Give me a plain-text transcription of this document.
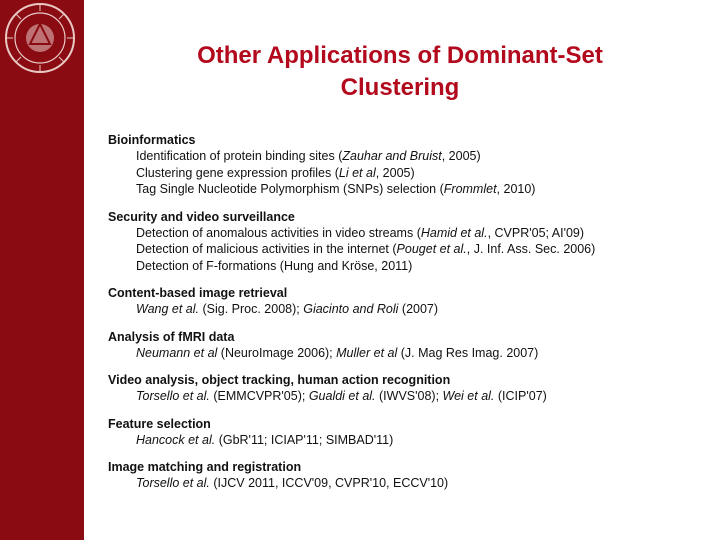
Other Applications of Dominant-Set
Clustering
Bioinformatics
Identification of protein binding sites (Zauhar and Bruist, 2005)
Clustering gene expression profiles (Li et al, 2005)
Tag Single Nucleotide Polymorphism (SNPs) selection (Frommlet, 2010)
Security and video surveillance
Detection of anomalous activities in video streams (Hamid et al., CVPR'05; AI'09)
Detection of malicious activities in the internet (Pouget et al., J. Inf. Ass. Sec. 2006)
Detection of F-formations (Hung and Kröse, 2011)
Content-based image retrieval
Wang et al. (Sig. Proc. 2008); Giacinto and Roli (2007)
Analysis of fMRI data
Neumann et al (NeuroImage 2006); Muller et al (J. Mag Res Imag. 2007)
Video analysis, object tracking, human action recognition
Torsello et al. (EMMCVPR'05); Gualdi et al. (IWVS'08); Wei et al. (ICIP'07)
Feature selection
Hancock et al. (GbR'11; ICIAP'11; SIMBAD'11)
Image matching and registration
Torsello et al. (IJCV 2011, ICCV'09, CVPR'10, ECCV'10)
